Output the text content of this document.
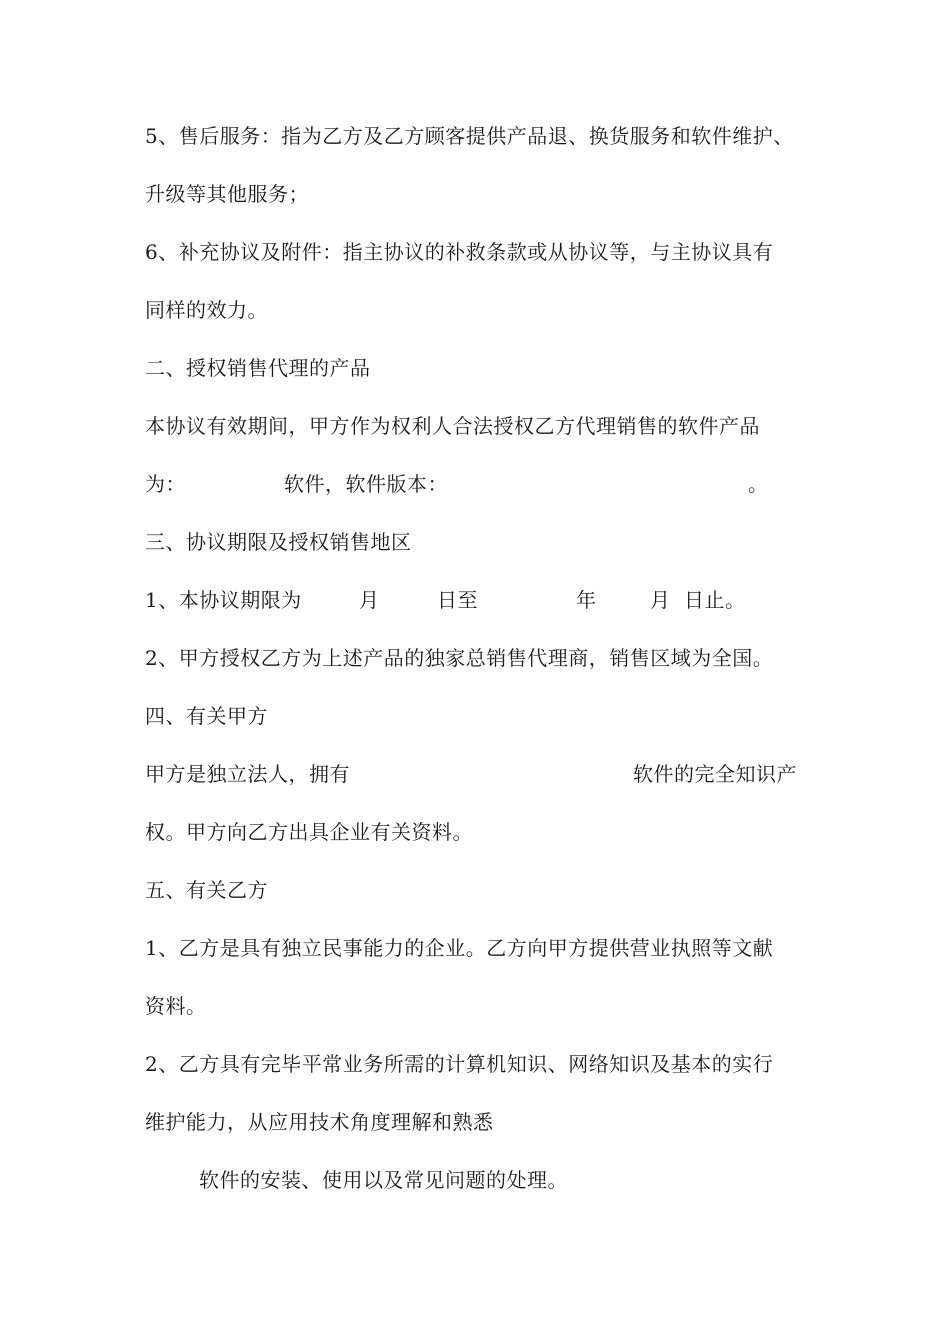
5、售后服务：指为乙方及乙方顾客提供产品退、换货服务和软件维护、
升级等其他服务；
6、补充协议及附件：指主协议的补救条款或从协议等，与主协议具有
同样的效力。
二、授权销售代理的产品
本协议有效期间，甲方作为权利人合法授权乙方代理销售的软件产品
为：	软件，软件版本：	。
三、协议期限及授权销售地区
1、本协议期限为	月	日至	年	月 日止。
2、甲方授权乙方为上述产品的独家总销售代理商，销售区域为全国。
四、有关甲方
甲方是独立法人，拥有	软件的完全知识产
权。甲方向乙方出具企业有关资料。
五、有关乙方
1、乙方是具有独立民事能力的企业。乙方向甲方提供营业执照等文献
资料。
2、乙方具有完毕平常业务所需的计算机知识、网络知识及基本的实行
维护能力，从应用技术角度理解和熟悉
软件的安装、使用以及常见问题的处理。
